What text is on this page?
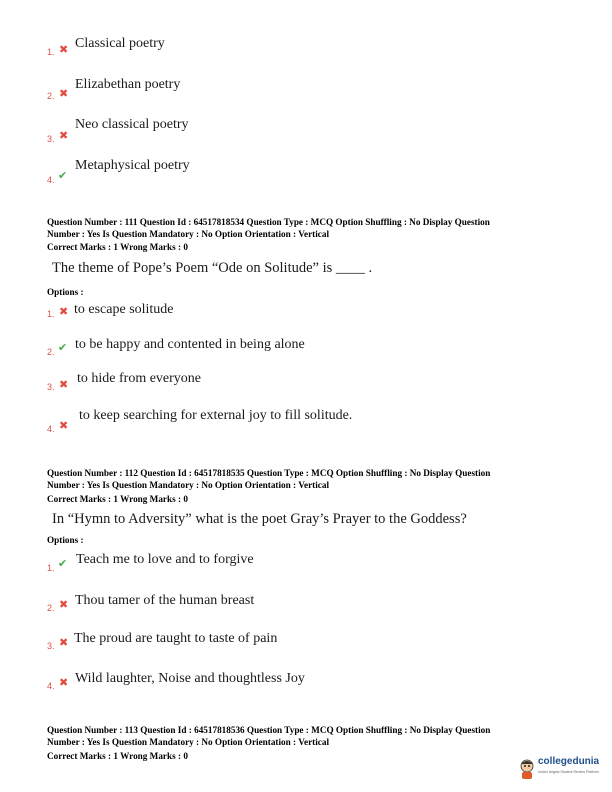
1. ✖ Classical poetry
2. ✖
Elizabethan poetry
3. ✖
Neo classical poetry
4. ✔
Metaphysical poetry
Question Number : 111 Question Id : 64517818534 Question Type : MCQ Option Shuffling : No Display Question
Number : Yes Is Question Mandatory : No Option Orientation : Vertical
Correct Marks : 1 Wrong Marks : 0
The theme of Pope’s Poem “Ode on Solitude” is ____ .
Options :
1. ✖ to escape solitude
2. ✔ to be happy and contented in being alone
3. ✖ to hide from everyone
4. ✖
to keep searching for external joy to fill solitude.
Question Number : 112 Question Id : 64517818535 Question Type : MCQ Option Shuffling : No Display Question
Number : Yes Is Question Mandatory : No Option Orientation : Vertical
Correct Marks : 1 Wrong Marks : 0
In “Hymn to Adversity” what is the poet Gray’s Prayer to the Goddess?
Options :
1. ✔ Teach me to love and to forgive
2. ✖ Thou tamer of the human breast
3. ✖ The proud are taught to taste of pain
4. ✖ Wild laughter, Noise and thoughtless Joy
Question Number : 113 Question Id : 64517818536 Question Type : MCQ Option Shuffling : No Display Question
Number : Yes Is Question Mandatory : No Option Orientation : Vertical
Correct Marks : 1 Wrong Marks : 0	collegedunia
India's largest Student Review Platform
